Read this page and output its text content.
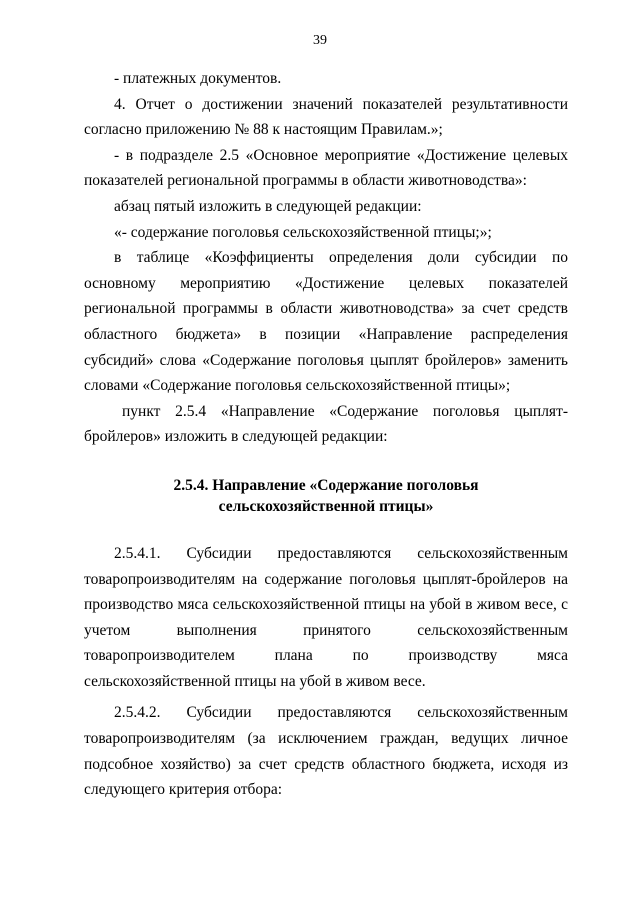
39

- платежных документов.

4. Отчет о достижении значений показателей результативности согласно приложению № 88 к настоящим Правилам.»;

- в подразделе 2.5 «Основное мероприятие «Достижение целевых показателей региональной программы в области животноводства»:

абзац пятый изложить в следующей редакции:

«- содержание поголовья сельскохозяйственной птицы;»;

в таблице «Коэффициенты определения доли субсидии по основному мероприятию «Достижение целевых показателей региональной программы в области животноводства» за счет средств областного бюджета» в позиции «Направление распределения субсидий» слова «Содержание поголовья цыплят бройлеров» заменить словами «Содержание поголовья сельскохозяйственной птицы»;

пункт 2.5.4 «Направление «Содержание поголовья цыплят-бройлеров» изложить в следующей редакции:

2.5.4. Направление «Содержание поголовья
сельскохозяйственной птицы»

2.5.4.1. Субсидии предоставляются сельскохозяйственным товаропроизводителям на содержание поголовья цыплят-бройлеров на производство мяса сельскохозяйственной птицы на убой в живом весе, с учетом выполнения принятого сельскохозяйственным товаропроизводителем плана по производству мяса сельскохозяйственной птицы на убой в живом весе.

2.5.4.2. Субсидии предоставляются сельскохозяйственным товаропроизводителям (за исключением граждан, ведущих личное подсобное хозяйство) за счет средств областного бюджета, исходя из следующего критерия отбора:
